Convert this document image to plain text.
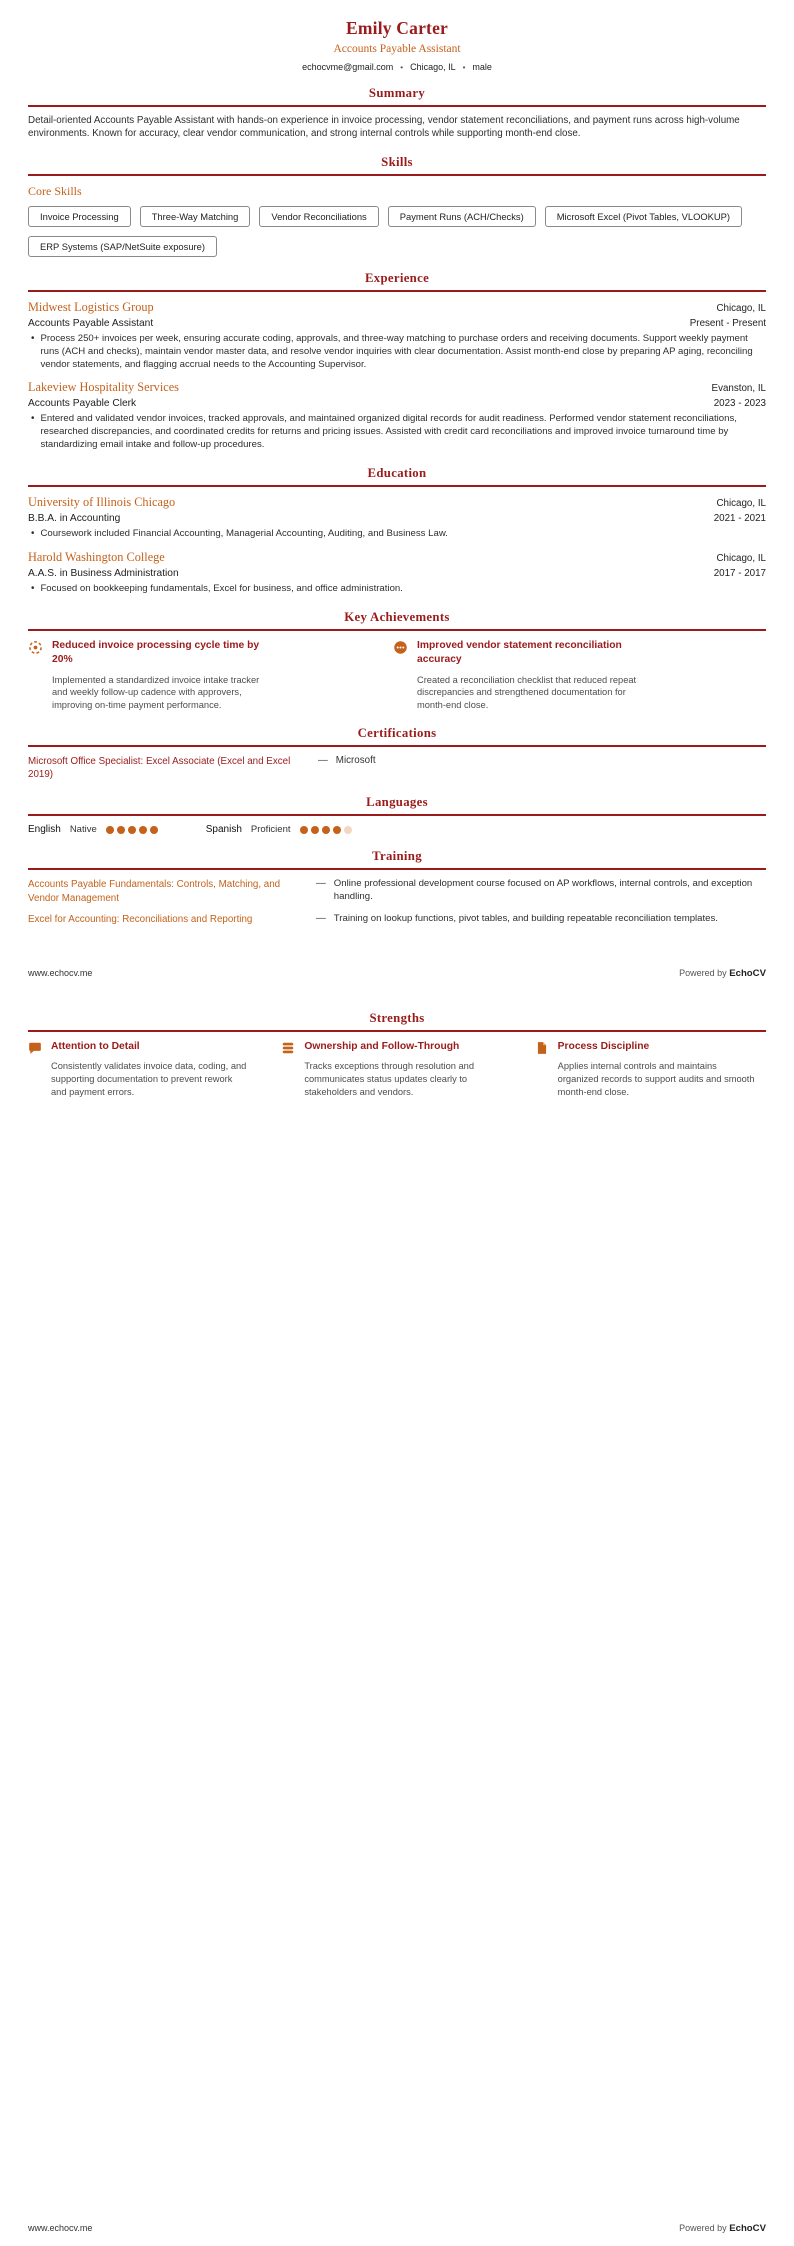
Emily Carter
Accounts Payable Assistant
echocvme@gmail.com • Chicago, IL • male
Summary
Detail-oriented Accounts Payable Assistant with hands-on experience in invoice processing, vendor statement reconciliations, and payment runs across high-volume environments. Known for accuracy, clear vendor communication, and strong internal controls while supporting month-end close.
Skills
Core Skills
Invoice Processing	Three-Way Matching	Vendor Reconciliations	Payment Runs (ACH/Checks)	Microsoft Excel (Pivot Tables, VLOOKUP)
ERP Systems (SAP/NetSuite exposure)
Experience
Midwest Logistics Group	Chicago, IL
Accounts Payable Assistant	Present - Present
• Process 250+ invoices per week, ensuring accurate coding, approvals, and three-way matching to purchase orders and receiving documents. Support weekly payment runs (ACH and checks), maintain vendor master data, and resolve vendor inquiries with clear documentation. Assist month-end close by preparing AP aging, reconciling vendor statements, and flagging accrual needs to the Accounting Supervisor.
Lakeview Hospitality Services	Evanston, IL
Accounts Payable Clerk	2023 - 2023
• Entered and validated vendor invoices, tracked approvals, and maintained organized digital records for audit readiness. Performed vendor statement reconciliations, researched discrepancies, and coordinated credits for returns and pricing issues. Assisted with credit card reconciliations and improved invoice turnaround time by standardizing email intake and follow-up procedures.
Education
University of Illinois Chicago	Chicago, IL
B.B.A. in Accounting	2021 - 2021
• Coursework included Financial Accounting, Managerial Accounting, Auditing, and Business Law.
Harold Washington College	Chicago, IL
A.A.S. in Business Administration	2017 - 2017
• Focused on bookkeeping fundamentals, Excel for business, and office administration.
Key Achievements
Reduced invoice processing cycle time by 20%
Implemented a standardized invoice intake tracker and weekly follow-up cadence with approvers, improving on-time payment performance.
Improved vendor statement reconciliation accuracy
Created a reconciliation checklist that reduced repeat discrepancies and strengthened documentation for month-end close.
Certifications
Microsoft Office Specialist: Excel Associate (Excel and Excel 2019)
— Microsoft
Languages
English Native	Spanish Proficient
Training
Accounts Payable Fundamentals: Controls, Matching, and Vendor Management
— Online professional development course focused on AP workflows, internal controls, and exception handling.
Excel for Accounting: Reconciliations and Reporting	— Training on lookup functions, pivot tables, and building repeatable reconciliation templates.
www.echocv.me	Powered by EchoCV
Strengths
Attention to Detail
Consistently validates invoice data, coding, and supporting documentation to prevent rework and payment errors.
Ownership and Follow-Through
Tracks exceptions through resolution and communicates status updates clearly to stakeholders and vendors.
Process Discipline
Applies internal controls and maintains organized records to support audits and smooth month-end close.
www.echocv.me	Powered by EchoCV
